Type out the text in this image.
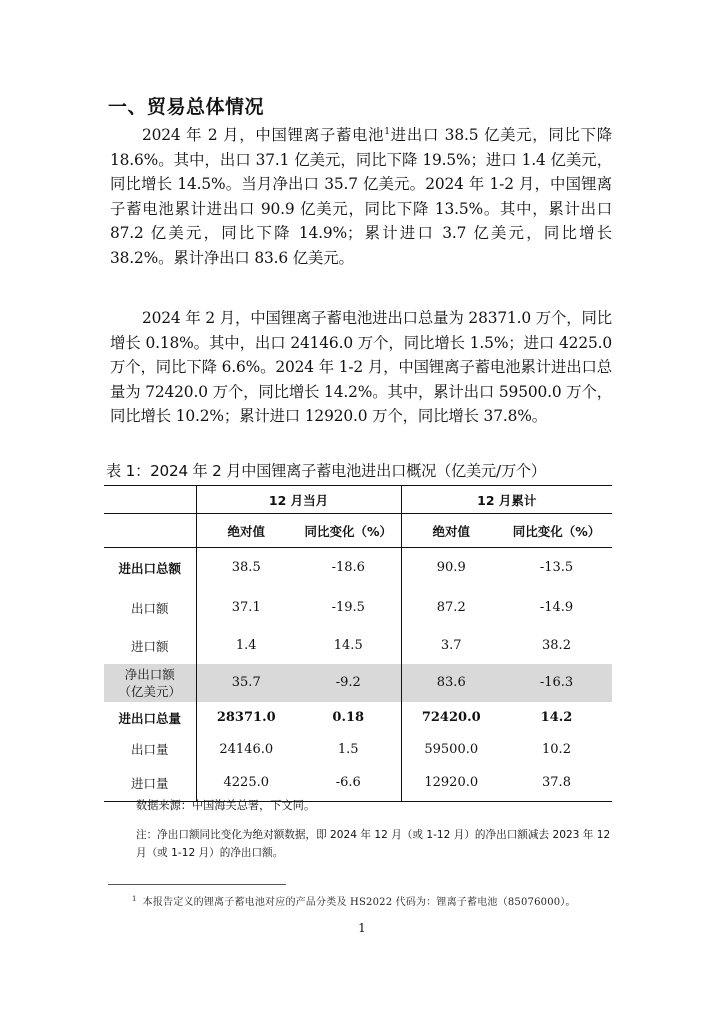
一、贸易总体情况

2024 年 2 月，中国锂离子蓄电池$^1$进出口 38.5 亿美元，同比下降 18.6%。其中，出口 37.1 亿美元，同比下降 19.5%；进口 1.4 亿美元，同比增长 14.5%。当月净出口 35.7 亿美元。2024 年 1-2 月，中国锂离子蓄电池累计进出口 90.9 亿美元，同比下降 13.5%。其中，累计出口 87.2 亿美元，同比下降 14.9%；累计进口 3.7 亿美元，同比增长 38.2%。累计净出口 83.6 亿美元。

2024 年 2 月，中国锂离子蓄电池进出口总量为 28371.0 万个，同比增长 0.18%。其中，出口 24146.0 万个，同比增长 1.5%；进口 4225.0 万个，同比下降 6.6%。2024 年 1-2 月，中国锂离子蓄电池累计进出口总量为 72420.0 万个，同比增长 14.2%。其中，累计出口 59500.0 万个，同比增长 10.2%；累计进口 12920.0 万个，同比增长 37.8%。

表 1：2024 年 2 月中国锂离子蓄电池进出口概况（亿美元/万个）

	12 月当月		12 月累计	
	绝对值	同比变化（%）	绝对值	同比变化（%）
进出口总额	38.5	-18.6	90.9	-13.5
出口额	37.1	-19.5	87.2	-14.9
进口额	1.4	14.5	3.7	38.2
净出口额
（亿美元）	35.7	-9.2	83.6	-16.3
进出口总量	28371.0	0.18	72420.0	14.2
出口量	24146.0	1.5	59500.0	10.2
进口量	4225.0	-6.6	12920.0	37.8

数据来源：中国海关总署，下文同。

注：净出口额同比变化为绝对额数据，即 2024 年 12 月（或 1-12 月）的净出口额减去 2023 年 12 月（或 1-12 月）的净出口额。

$^1$ 本报告定义的锂离子蓄电池对应的产品分类及 HS2022 代码为：锂离子蓄电池（85076000）。

1
